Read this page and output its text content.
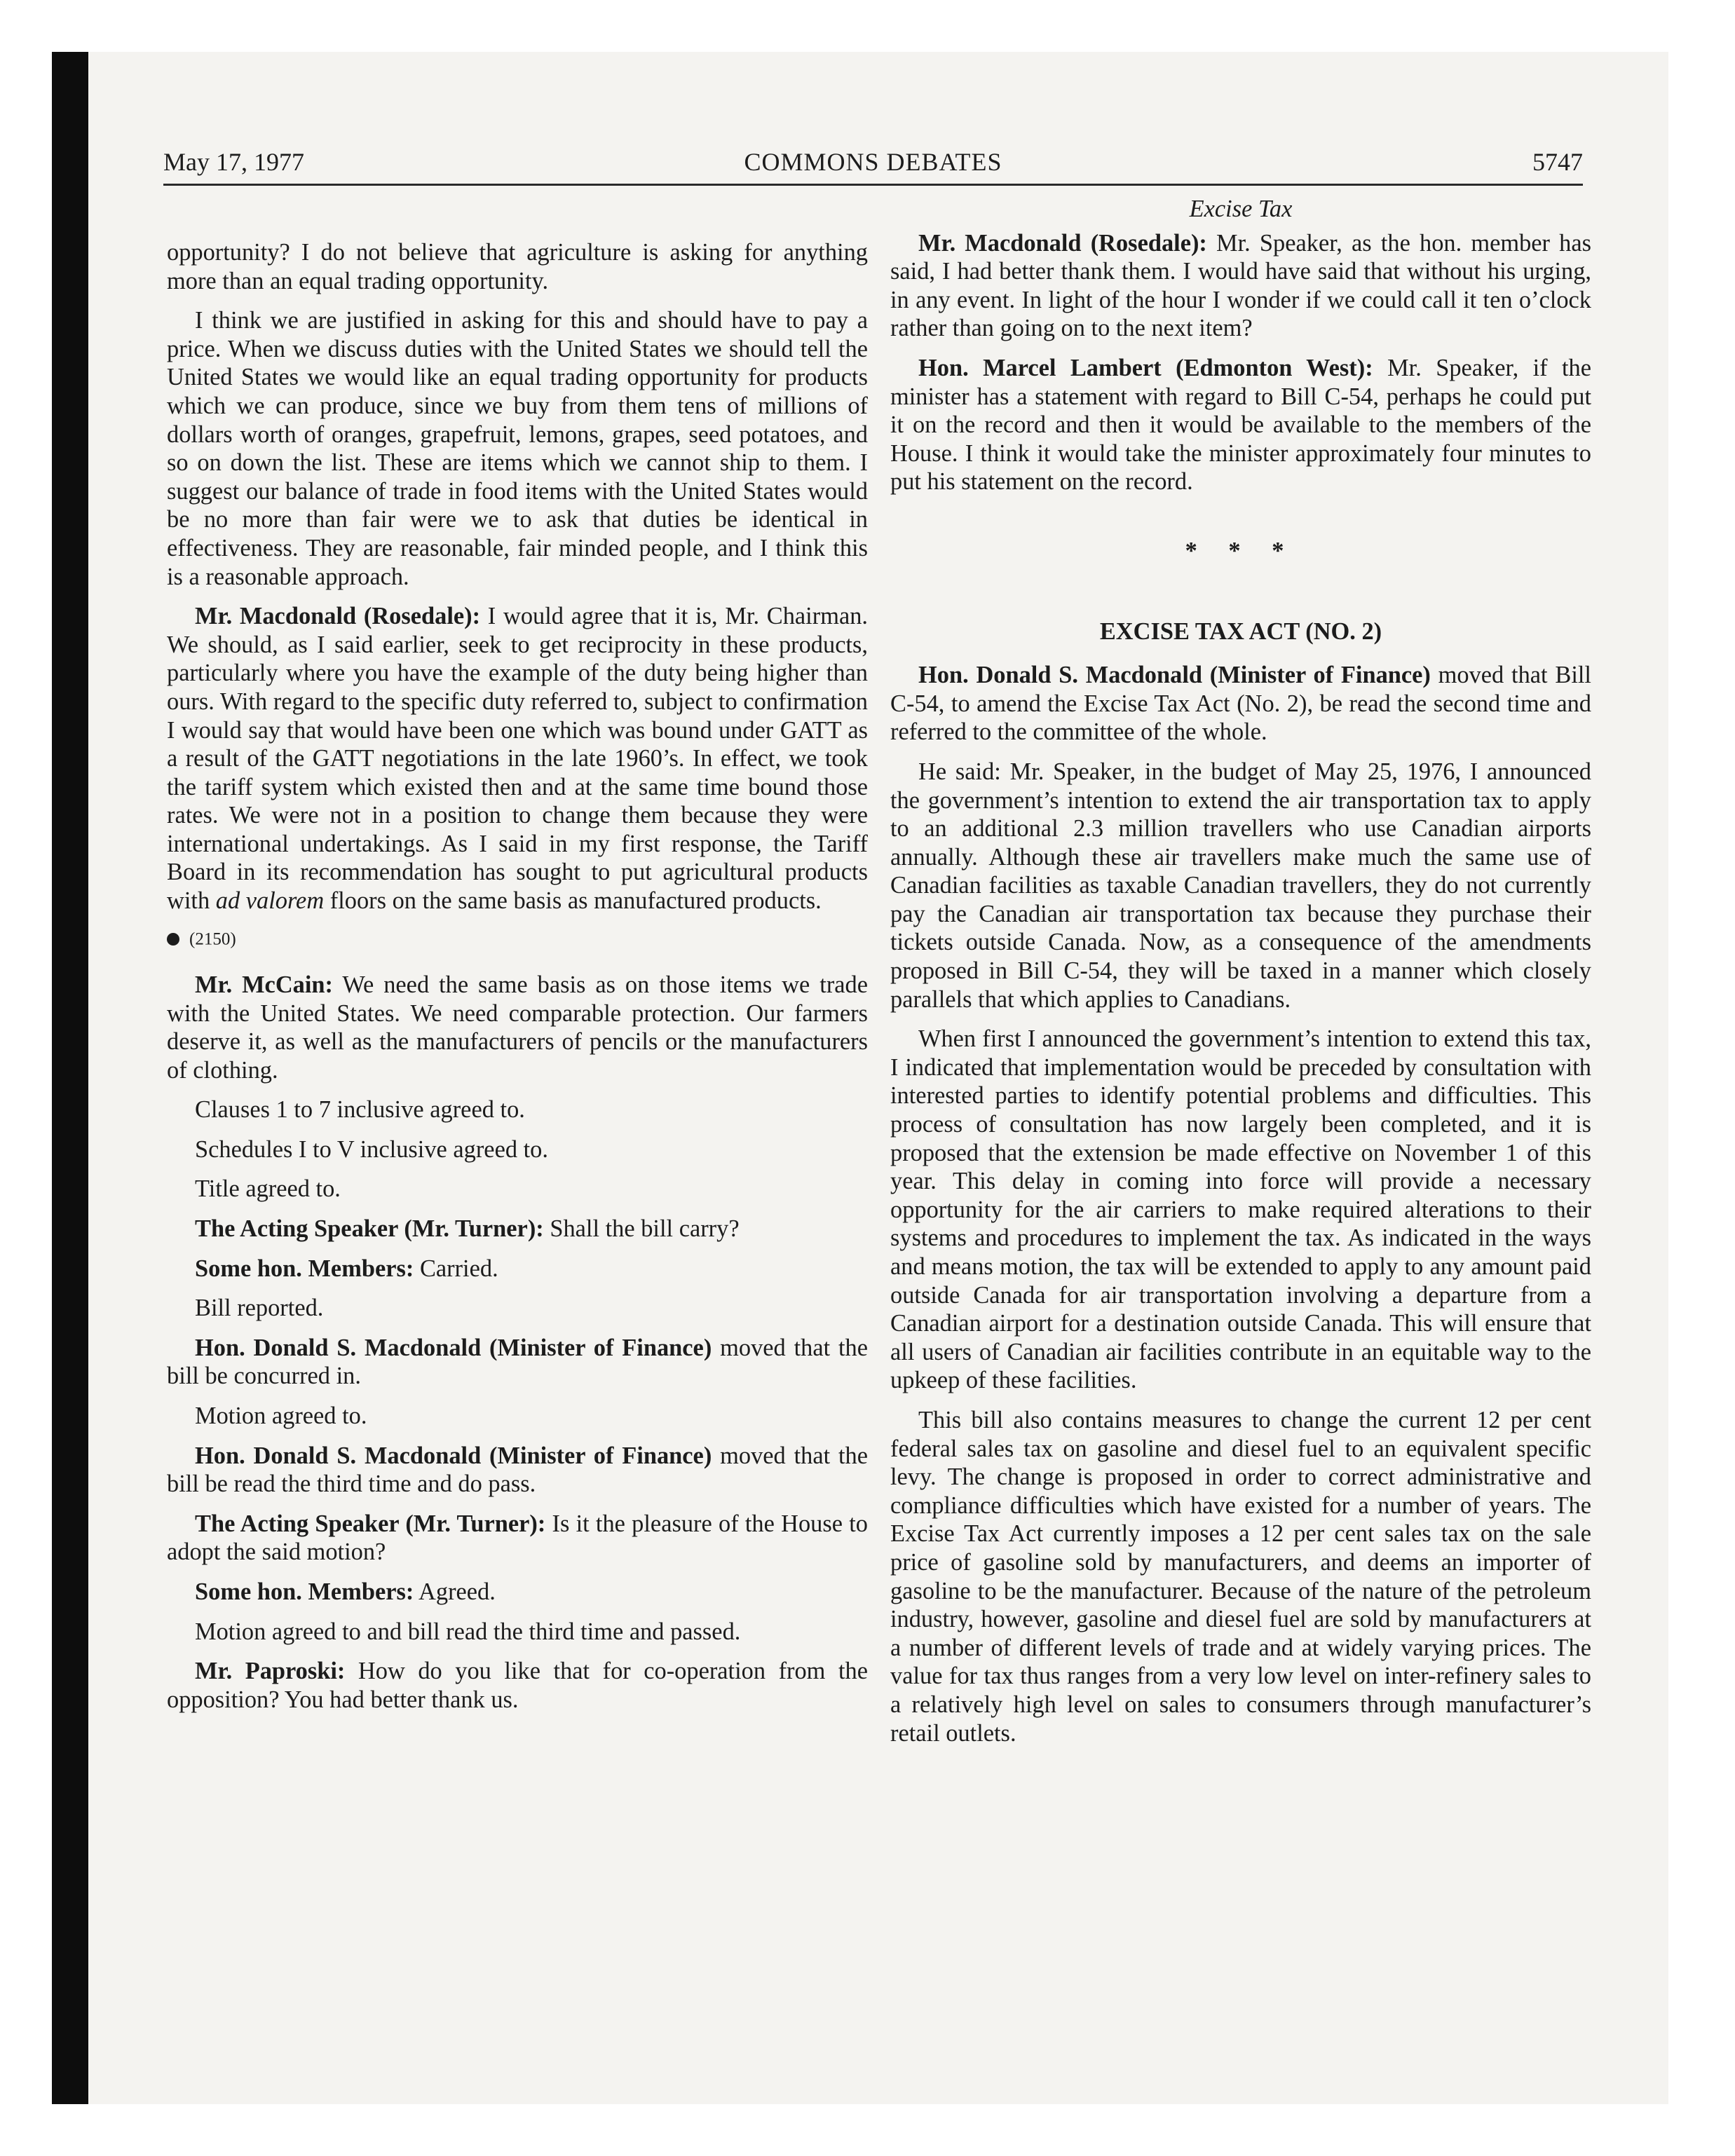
May 17, 1977	COMMONS DEBATES	5747

opportunity? I do not believe that agriculture is asking for anything more than an equal trading opportunity.

I think we are justified in asking for this and should have to pay a price. When we discuss duties with the United States we should tell the United States we would like an equal trading opportunity for products which we can produce, since we buy from them tens of millions of dollars worth of oranges, grapefruit, lemons, grapes, seed potatoes, and so on down the list. These are items which we cannot ship to them. I suggest our balance of trade in food items with the United States would be no more than fair were we to ask that duties be identical in effectiveness. They are reasonable, fair minded people, and I think this is a reasonable approach.

Mr. Macdonald (Rosedale): I would agree that it is, Mr. Chairman. We should, as I said earlier, seek to get reciprocity in these products, particularly where you have the example of the duty being higher than ours. With regard to the specific duty referred to, subject to confirmation I would say that would have been one which was bound under GATT as a result of the GATT negotiations in the late 1960’s. In effect, we took the tariff system which existed then and at the same time bound those rates. We were not in a position to change them because they were international undertakings. As I said in my first response, the Tariff Board in its recommendation has sought to put agricultural products with ad valorem floors on the same basis as manufactured products.

(2150)

Mr. McCain: We need the same basis as on those items we trade with the United States. We need comparable protection. Our farmers deserve it, as well as the manufacturers of pencils or the manufacturers of clothing.

Clauses 1 to 7 inclusive agreed to.

Schedules I to V inclusive agreed to.

Title agreed to.

The Acting Speaker (Mr. Turner): Shall the bill carry?

Some hon. Members: Carried.

Bill reported.

Hon. Donald S. Macdonald (Minister of Finance) moved that the bill be concurred in.

Motion agreed to.

Hon. Donald S. Macdonald (Minister of Finance) moved that the bill be read the third time and do pass.

The Acting Speaker (Mr. Turner): Is it the pleasure of the House to adopt the said motion?

Some hon. Members: Agreed.

Motion agreed to and bill read the third time and passed.

Mr. Paproski: How do you like that for co-operation from the opposition? You had better thank us.

Excise Tax

Mr. Macdonald (Rosedale): Mr. Speaker, as the hon. member has said, I had better thank them. I would have said that without his urging, in any event. In light of the hour I wonder if we could call it ten o’clock rather than going on to the next item?

Hon. Marcel Lambert (Edmonton West): Mr. Speaker, if the minister has a statement with regard to Bill C-54, perhaps he could put it on the record and then it would be available to the members of the House. I think it would take the minister approximately four minutes to put his statement on the record.

* * *
EXCISE TAX ACT (NO. 2)

Hon. Donald S. Macdonald (Minister of Finance) moved that Bill C-54, to amend the Excise Tax Act (No. 2), be read the second time and referred to the committee of the whole.

He said: Mr. Speaker, in the budget of May 25, 1976, I announced the government’s intention to extend the air transportation tax to apply to an additional 2.3 million travellers who use Canadian airports annually. Although these air travellers make much the same use of Canadian facilities as taxable Canadian travellers, they do not currently pay the Canadian air transportation tax because they purchase their tickets outside Canada. Now, as a consequence of the amendments proposed in Bill C-54, they will be taxed in a manner which closely parallels that which applies to Canadians.

When first I announced the government’s intention to extend this tax, I indicated that implementation would be preceded by consultation with interested parties to identify potential problems and difficulties. This process of consultation has now largely been completed, and it is proposed that the extension be made effective on November 1 of this year. This delay in coming into force will provide a necessary opportunity for the air carriers to make required alterations to their systems and procedures to implement the tax. As indicated in the ways and means motion, the tax will be extended to apply to any amount paid outside Canada for air transportation involving a departure from a Canadian airport for a destination outside Canada. This will ensure that all users of Canadian air facilities contribute in an equitable way to the upkeep of these facilities.

This bill also contains measures to change the current 12 per cent federal sales tax on gasoline and diesel fuel to an equivalent specific levy. The change is proposed in order to correct administrative and compliance difficulties which have existed for a number of years. The Excise Tax Act currently imposes a 12 per cent sales tax on the sale price of gasoline sold by manufacturers, and deems an importer of gasoline to be the manufacturer. Because of the nature of the petroleum industry, however, gasoline and diesel fuel are sold by manufacturers at a number of different levels of trade and at widely varying prices. The value for tax thus ranges from a very low level on inter-refinery sales to a relatively high level on sales to consumers through manufacturer’s retail outlets.
